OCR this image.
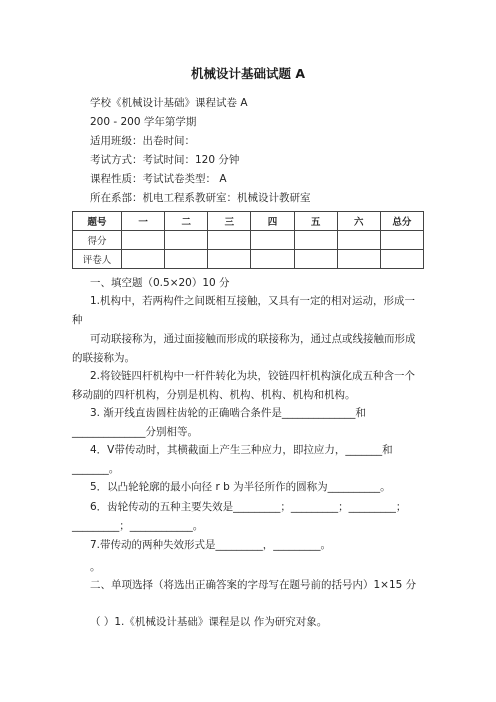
机械设计基础试题 A
学校《机械设计基础》课程试卷 A
200 - 200 学年第学期
适用班级：出卷时间：
考试方式：考试时间：120 分钟
课程性质：考试试卷类型： A
所在系部：机电工程系教研室：机械设计教研室
题号	一	二	三	四	五	六	总分
得分							
评卷人							
一、填空题（0.5×20）10 分
1.机构中，若两构件之间既相互接触，又具有一定的相对运动，形成一种
可动联接称为，通过面接触而形成的联接称为，通过点或线接触而形成的联接称为。
2.将铰链四杆机构中一杆件转化为块，铰链四杆机构演化成五种含一个移动副的四杆机构，分别是机构、机构、机构、机构和机构。
3. 渐开线直齿圆柱齿轮的正确啮合条件是______________和______________分别相等。
4．V带传动时，其横截面上产生三种应力，即拉应力，_______和_______。
5．以凸轮轮廓的最小向径 r b 为半径所作的圆称为__________。
6．齿轮传动的五种主要失效是_________；_________；_________；_________；____________。
7.带传动的两种失效形式是_________，_________。
。
二、单项选择（将选出正确答案的字母写在题号前的括号内）1×15 分
（ ）1.《机械设计基础》课程是以 作为研究对象。
